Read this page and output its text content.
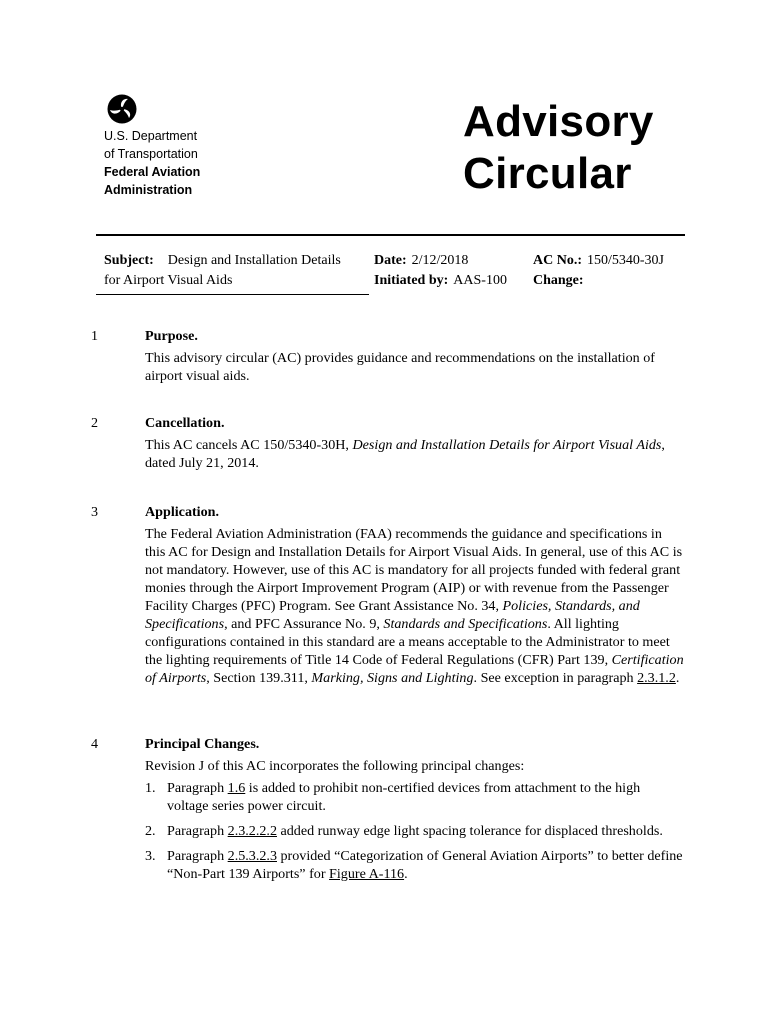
U.S. Department
of Transportation
Federal Aviation
Administration
Advisory
Circular
Subject: Design and Installation Details
for Airport Visual Aids
Date: 2/12/2018
Initiated by: AAS-100
AC No.: 150/5340-30J
Change:
1	Purpose.

This advisory circular (AC) provides guidance and recommendations on the installation of airport visual aids.

2	Cancellation.

This AC cancels AC 150/5340-30H, Design and Installation Details for Airport Visual Aids, dated July 21, 2014.

3	Application.

The Federal Aviation Administration (FAA) recommends the guidance and specifications in this AC for Design and Installation Details for Airport Visual Aids. In general, use of this AC is not mandatory. However, use of this AC is mandatory for all projects funded with federal grant monies through the Airport Improvement Program (AIP) or with revenue from the Passenger Facility Charges (PFC) Program. See Grant Assistance No. 34, Policies, Standards, and Specifications, and PFC Assurance No. 9, Standards and Specifications. All lighting configurations contained in this standard are a means acceptable to the Administrator to meet the lighting requirements of Title 14 Code of Federal Regulations (CFR) Part 139, Certification of Airports, Section 139.311, Marking, Signs and Lighting. See exception in paragraph 2.3.1.2.

4	Principal Changes.

Revision J of this AC incorporates the following principal changes:

1. Paragraph 1.6 is added to prohibit non-certified devices from attachment to the high voltage series power circuit.
2. Paragraph 2.3.2.2.2 added runway edge light spacing tolerance for displaced thresholds.
3. Paragraph 2.5.3.2.3 provided “Categorization of General Aviation Airports” to better define “Non-Part 139 Airports” for Figure A-116.
